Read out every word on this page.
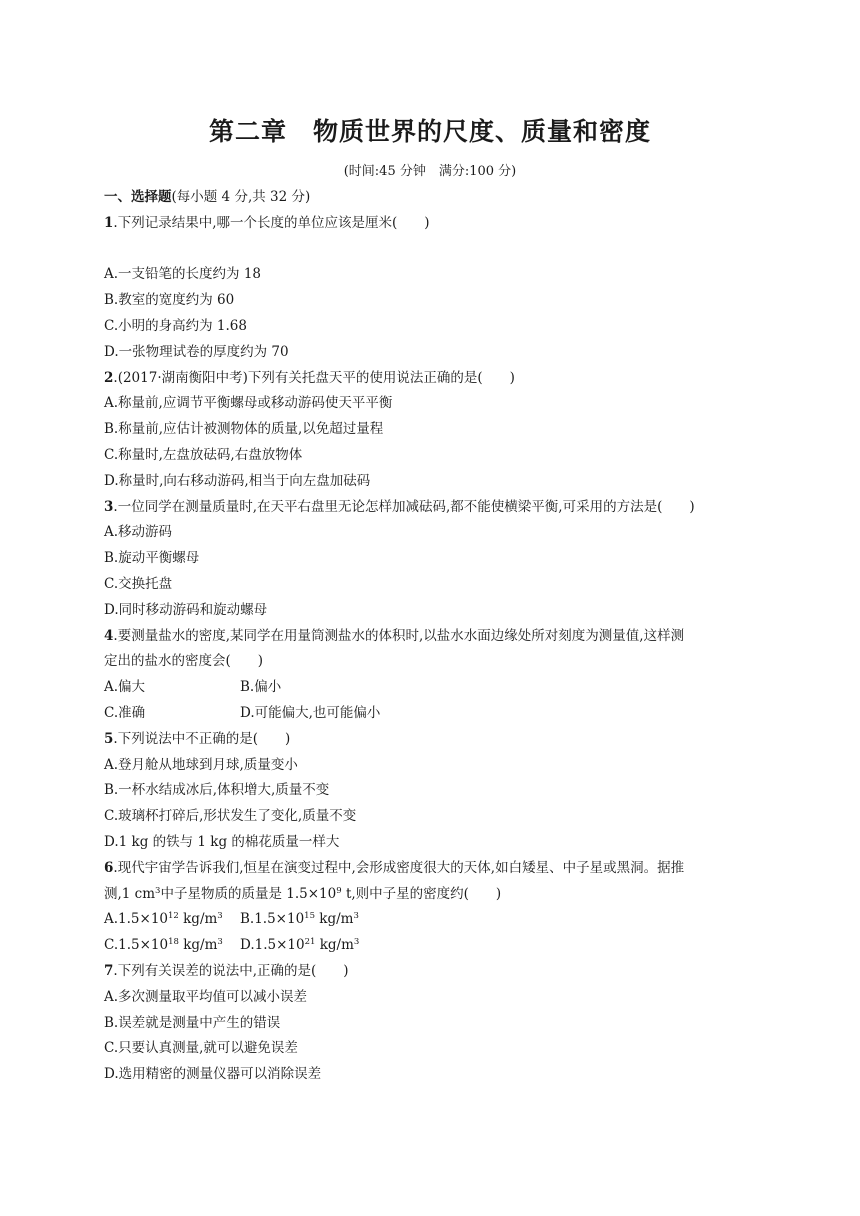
第二章　物质世界的尺度、质量和密度
(时间:45 分钟　满分:100 分)
一、选择题(每小题 4 分,共 32 分)
1.下列记录结果中,哪一个长度的单位应该是厘米(　　)
A.一支铅笔的长度约为 18
B.教室的宽度约为 60
C.小明的身高约为 1.68
D.一张物理试卷的厚度约为 70
2.(2017·湖南衡阳中考)下列有关托盘天平的使用说法正确的是(　　)
A.称量前,应调节平衡螺母或移动游码使天平平衡
B.称量前,应估计被测物体的质量,以免超过量程
C.称量时,左盘放砝码,右盘放物体
D.称量时,向右移动游码,相当于向左盘加砝码
3.一位同学在测量质量时,在天平右盘里无论怎样加减砝码,都不能使横梁平衡,可采用的方法是(　　)
A.移动游码
B.旋动平衡螺母
C.交换托盘
D.同时移动游码和旋动螺母
4.要测量盐水的密度,某同学在用量筒测盐水的体积时,以盐水水面边缘处所对刻度为测量值,这样测
定出的盐水的密度会(　　)
A.偏大	B.偏小
C.准确	D.可能偏大,也可能偏小
5.下列说法中不正确的是(　　)
A.登月舱从地球到月球,质量变小
B.一杯水结成冰后,体积增大,质量不变
C.玻璃杯打碎后,形状发生了变化,质量不变
D.1 kg 的铁与 1 kg 的棉花质量一样大
6.现代宇宙学告诉我们,恒星在演变过程中,会形成密度很大的天体,如白矮星、中子星或黑洞。据推
测,1 $cm^3$中子星物质的质量是 $1.5\times 10^9$ t,则中子星的密度约(　　)
$A.1.5\times 10^{12}$ $kg/m^3$ $B.1.5\times 10^{15}$ $kg/m^3$
$C.1.5\times 10^{18}$ $kg/m^3$ $D.1.5\times 10^{21}$ $kg/m^3$
7.下列有关误差的说法中,正确的是(　　)
A.多次测量取平均值可以减小误差
B.误差就是测量中产生的错误
C.只要认真测量,就可以避免误差
D.选用精密的测量仪器可以消除误差
